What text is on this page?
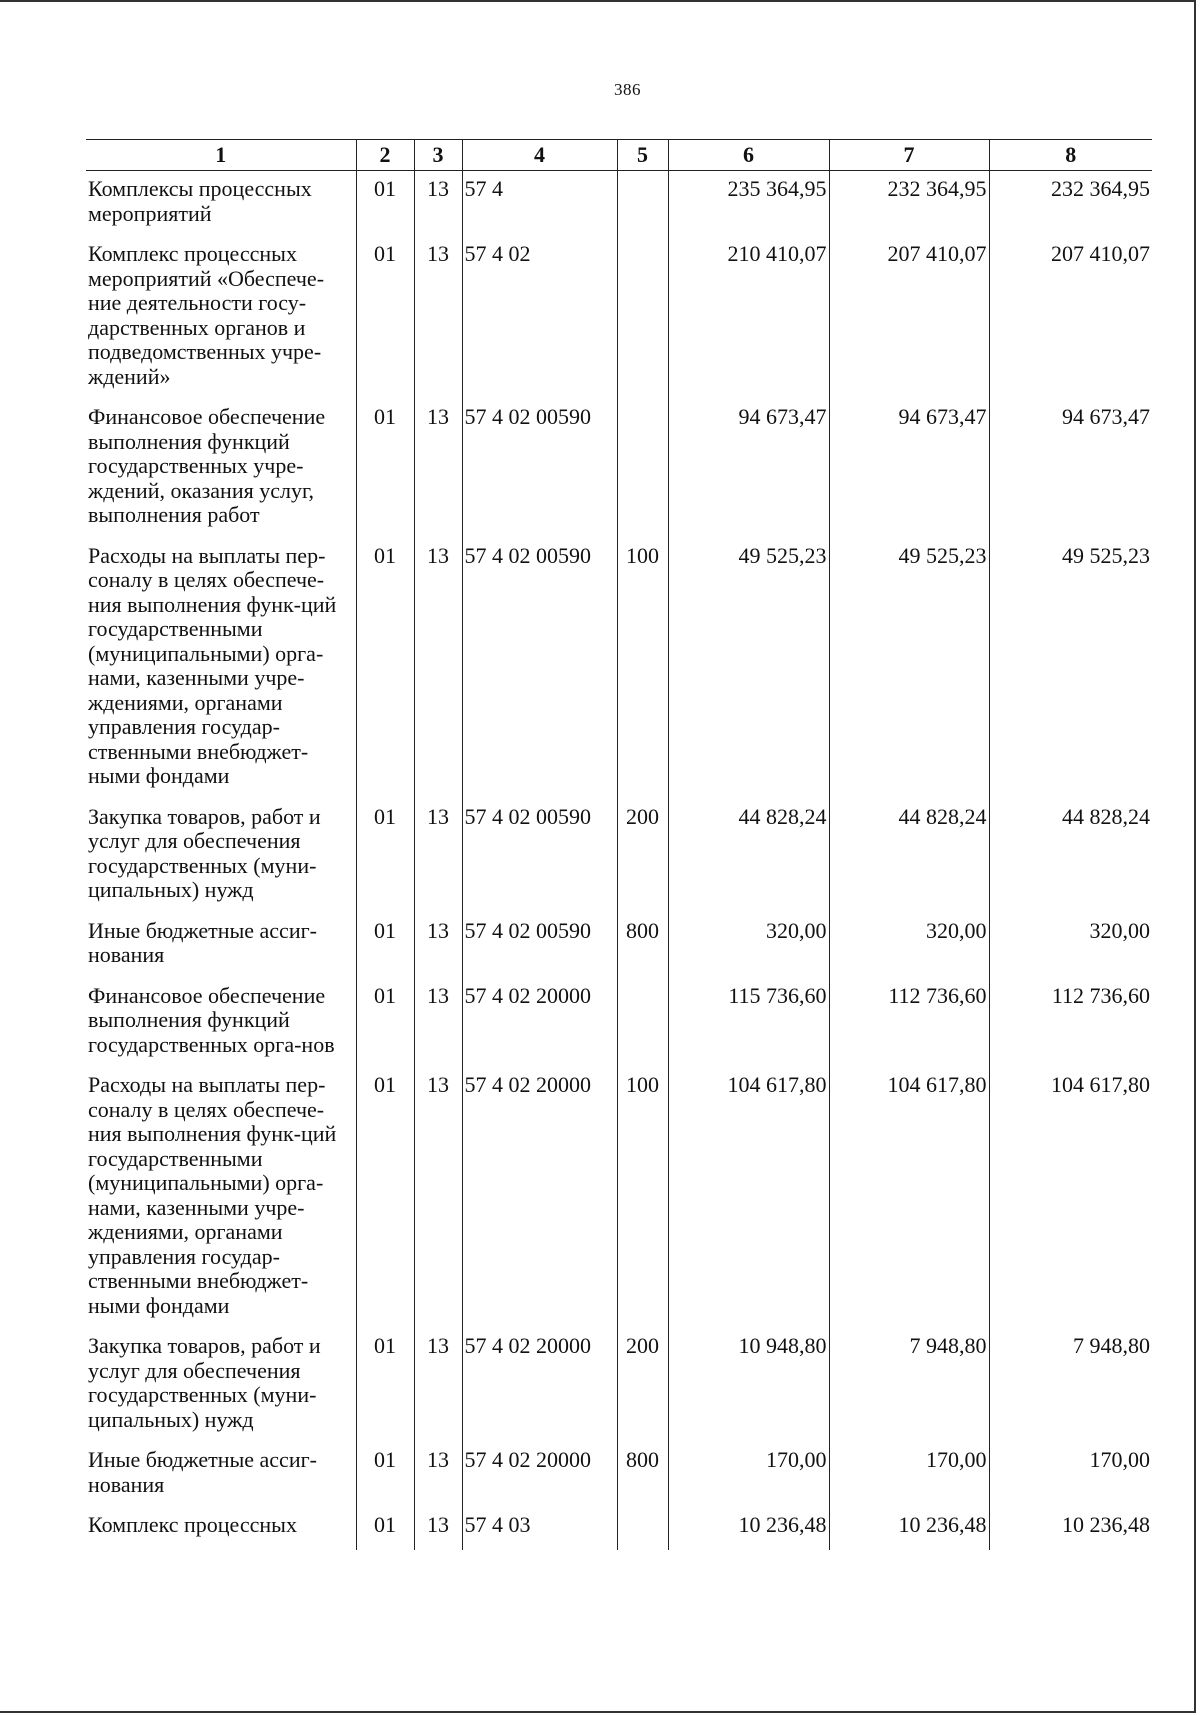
386
1	2	3	4	5	6	7	8
Комплексы процессных мероприятий	01	13	57 4		235 364,95	232 364,95	232 364,95
Комплекс процессных мероприятий «Обеспече-ние деятельности госу-дарственных органов и подведомственных учре-ждений»	01	13	57 4 02		210 410,07	207 410,07	207 410,07
Финансовое обеспечение выполнения функций государственных учре-ждений, оказания услуг, выполнения работ	01	13	57 4 02 00590		94 673,47	94 673,47	94 673,47
Расходы на выплаты пер-соналу в целях обеспече-ния выполнения функ-ций государственными (муниципальными) орга-нами, казенными учре-ждениями, органами управления государ-ственными внебюджет-ными фондами	01	13	57 4 02 00590	100	49 525,23	49 525,23	49 525,23
Закупка товаров, работ и услуг для обеспечения государственных (муни-ципальных) нужд	01	13	57 4 02 00590	200	44 828,24	44 828,24	44 828,24
Иные бюджетные ассиг-нования	01	13	57 4 02 00590	800	320,00	320,00	320,00
Финансовое обеспечение выполнения функций государственных орга-нов	01	13	57 4 02 20000		115 736,60	112 736,60	112 736,60
Расходы на выплаты пер-соналу в целях обеспече-ния выполнения функ-ций государственными (муниципальными) орга-нами, казенными учре-ждениями, органами управления государ-ственными внебюджет-ными фондами	01	13	57 4 02 20000	100	104 617,80	104 617,80	104 617,80
Закупка товаров, работ и услуг для обеспечения государственных (муни-ципальных) нужд	01	13	57 4 02 20000	200	10 948,80	7 948,80	7 948,80
Иные бюджетные ассиг-нования	01	13	57 4 02 20000	800	170,00	170,00	170,00
Комплекс процессных	01	13	57 4 03		10 236,48	10 236,48	10 236,48
